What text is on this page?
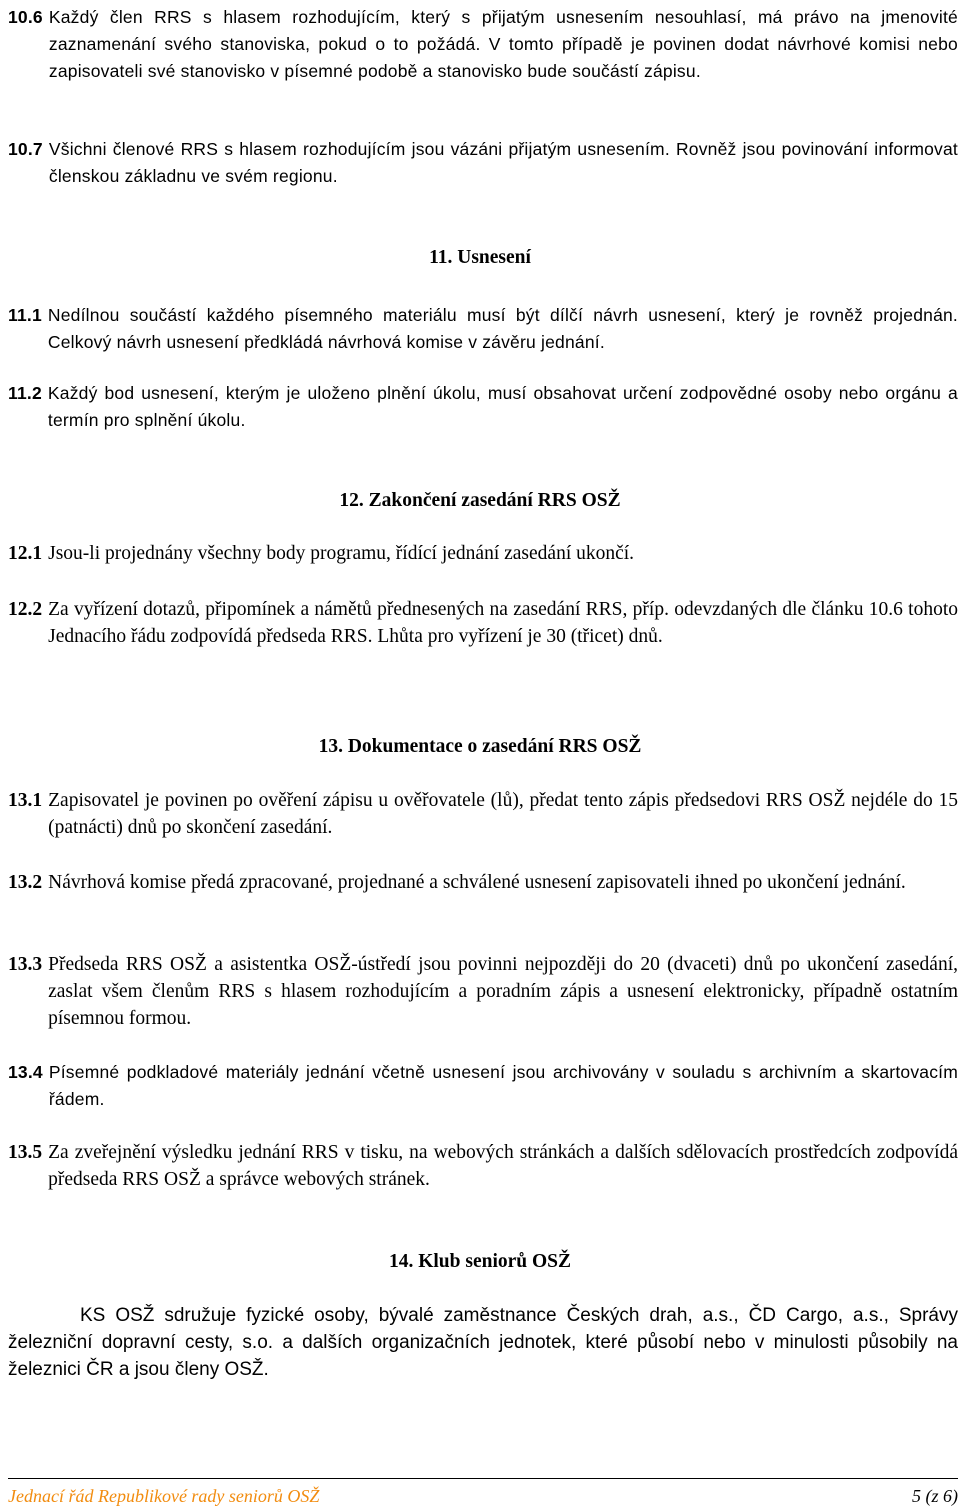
10.6 Každý člen RRS s hlasem rozhodujícím, který s přijatým usnesením nesouhlasí, má právo na jmenovité zaznamenání svého stanoviska, pokud o to požádá. V tomto případě je povinen dodat návrhové komisi nebo zapisovateli své stanovisko v písemné podobě a stanovisko bude součástí zápisu.
10.7 Všichni členové RRS s hlasem rozhodujícím jsou vázáni přijatým usnesením. Rovněž jsou povinování informovat členskou základnu ve svém regionu.
11. Usnesení
11.1 Nedílnou součástí každého písemného materiálu musí být dílčí návrh usnesení, který je rovněž projednán. Celkový návrh usnesení předkládá návrhová komise v závěru jednání.
11.2 Každý bod usnesení, kterým je uloženo plnění úkolu, musí obsahovat určení zodpovědné osoby nebo orgánu a termín pro splnění úkolu.
12. Zakončení zasedání RRS OSŽ
12.1 Jsou-li projednány všechny body programu, řídící jednání zasedání ukončí.
12.2 Za vyřízení dotazů, připomínek a námětů přednesených na zasedání RRS, příp. odevzdaných dle článku 10.6 tohoto Jednacího řádu zodpovídá předseda RRS. Lhůta pro vyřízení je 30 (třicet) dnů.
13. Dokumentace o zasedání RRS OSŽ
13.1 Zapisovatel je povinen po ověření zápisu u ověřovatele (lů), předat tento zápis předsedovi RRS OSŽ nejdéle do 15 (patnácti) dnů po skončení zasedání.
13.2 Návrhová komise předá zpracované, projednané a schválené usnesení zapisovateli ihned po ukončení jednání.
13.3 Předseda RRS OSŽ a asistentka OSŽ-ústředí jsou povinni nejpozději do 20 (dvaceti) dnů po ukončení zasedání, zaslat všem členům RRS s hlasem rozhodujícím a poradním zápis a usnesení elektronicky, případně ostatním písemnou formou.
13.4 Písemné podkladové materiály jednání včetně usnesení jsou archivovány v souladu s archivním a skartovacím řádem.
13.5 Za zveřejnění výsledku jednání RRS v tisku, na webových stránkách a dalších sdělovacích prostředcích zodpovídá předseda RRS OSŽ a správce webových stránek.
14. Klub seniorů OSŽ
KS OSŽ sdružuje fyzické osoby, bývalé zaměstnance Českých drah, a.s., ČD Cargo, a.s., Správy železniční dopravní cesty, s.o. a dalších organizačních jednotek, které působí nebo v minulosti působily na železnici ČR a jsou členy OSŽ.
Jednací řád Republikové rady seniorů OSŽ	5 (z 6)
